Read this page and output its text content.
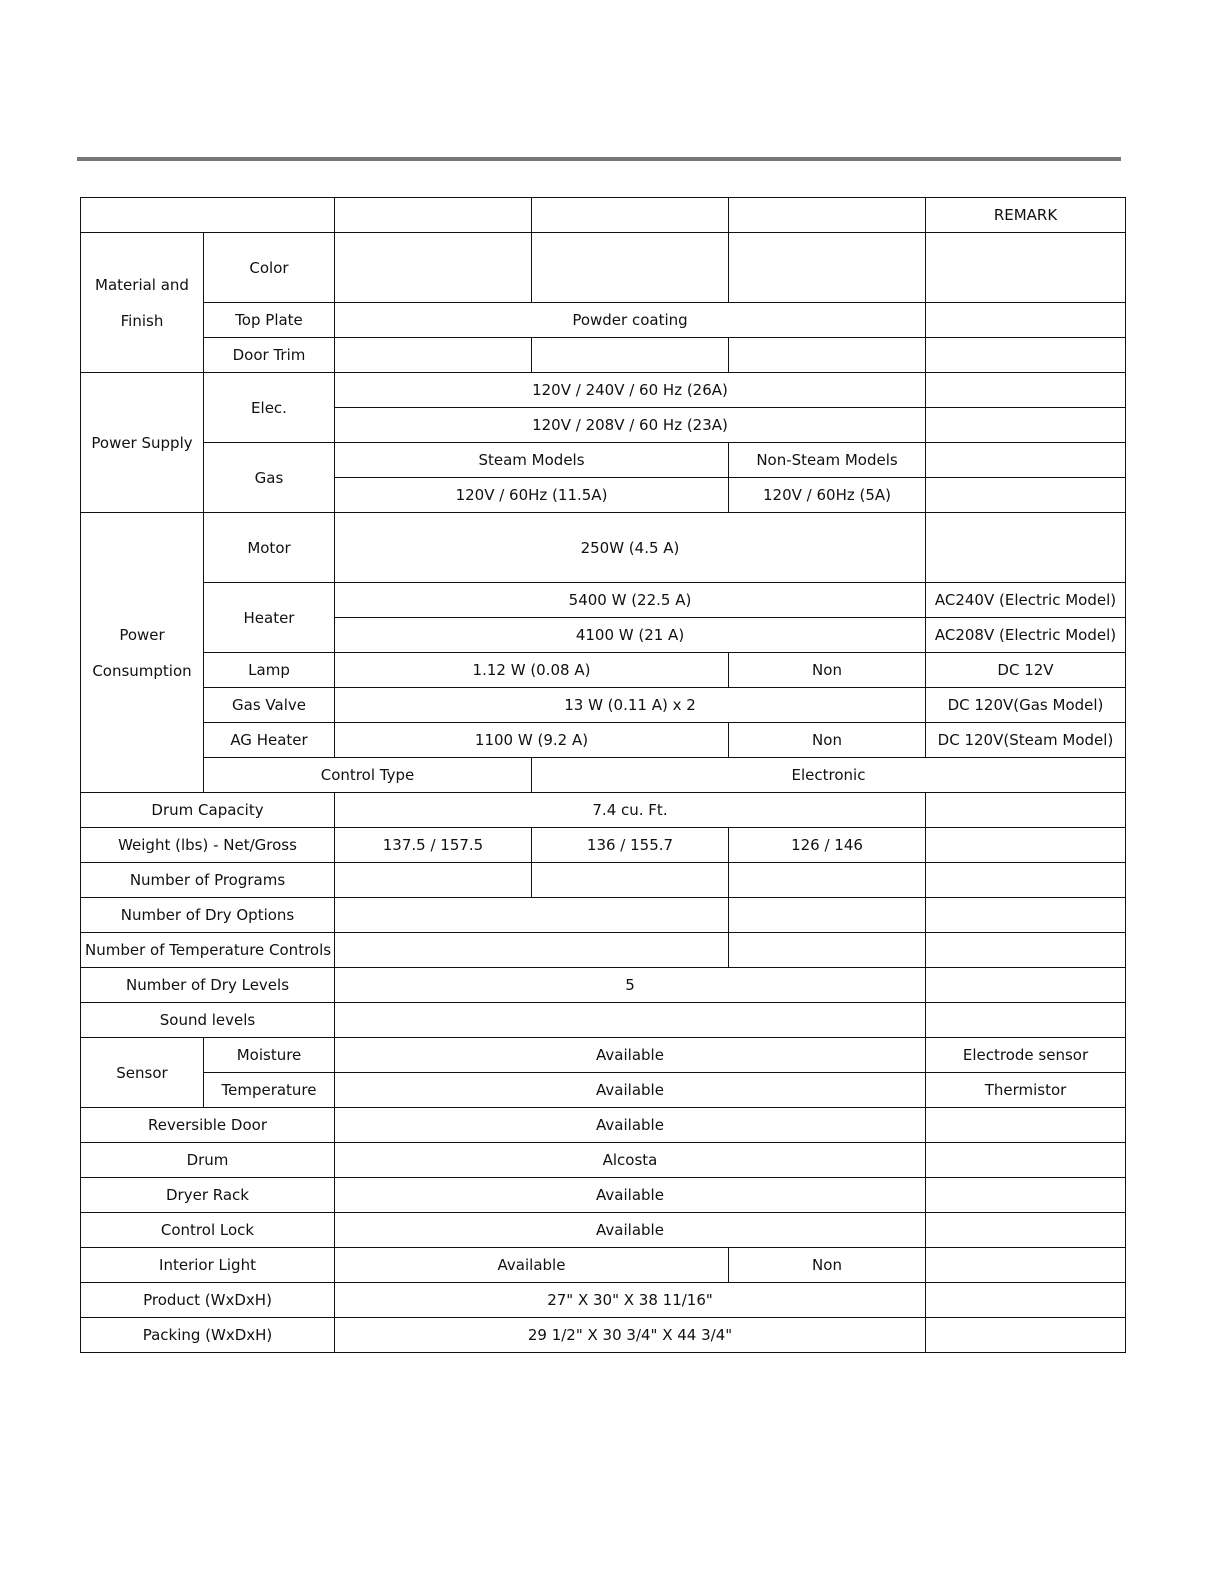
					REMARK	
Material and Finish	Color					
	Top Plate	Powder coating				
	Door Trim					
Power Supply	Elec.	120V / 240V / 60 Hz (26A)				
		120V / 208V / 60 Hz (23A)				
	Gas	Steam Models		Non-Steam Models		
		120V / 60Hz (11.5A)		120V / 60Hz (5A)		
Power Consumption	Motor	250W (4.5 A)				
	Heater	5400 W (22.5 A)			AC240V (Electric Model)	
		4100 W (21 A)			AC208V (Electric Model)	
	Lamp	1.12 W (0.08 A)		Non	DC 12V	
	Gas Valve	13 W (0.11 A) x 2			DC 120V(Gas Model)	
	AG Heater	1100 W (9.2 A)		Non	DC 120V(Steam Model)	
	Control Type		Electronic			
Drum Capacity		7.4 cu. Ft.				
Weight (lbs) - Net/Gross		137.5 / 157.5	136 / 155.7	126 / 146		
Number of Programs						
Number of Dry Options						
Number of Temperature Controls						
Number of Dry Levels		5				
Sound levels						
Sensor	Moisture	Available			Electrode sensor	
	Temperature	Available			Thermistor	
Reversible Door		Available				
Drum		Alcosta				
Dryer Rack		Available				
Control Lock		Available				
Interior Light		Available		Non		
Product (WxDxH)		27" X 30" X 38 11/16"				
Packing (WxDxH)		29 1/2" X 30 3/4" X 44 3/4"				
